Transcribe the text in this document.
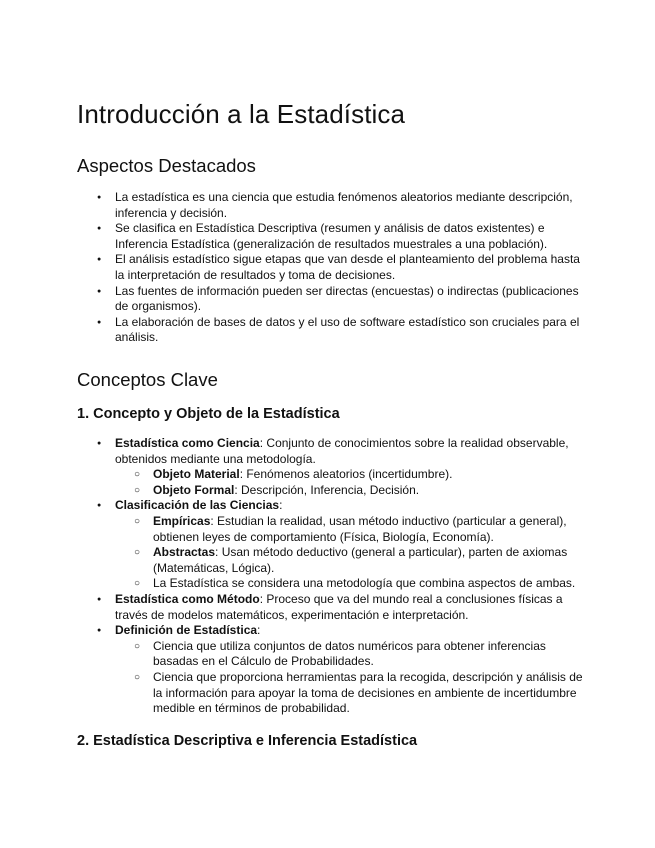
Introducción a la Estadística
Aspectos Destacados
● La estadística es una ciencia que estudia fenómenos aleatorios mediante descripción, inferencia y decisión.
● Se clasifica en Estadística Descriptiva (resumen y análisis de datos existentes) e Inferencia Estadística (generalización de resultados muestrales a una población).
● El análisis estadístico sigue etapas que van desde el planteamiento del problema hasta la interpretación de resultados y toma de decisiones.
● Las fuentes de información pueden ser directas (encuestas) o indirectas (publicaciones de organismos).
● La elaboración de bases de datos y el uso de software estadístico son cruciales para el análisis.
Conceptos Clave
1. Concepto y Objeto de la Estadística
● Estadística como Ciencia: Conjunto de conocimientos sobre la realidad observable, obtenidos mediante una metodología.
○ Objeto Material: Fenómenos aleatorios (incertidumbre).
○ Objeto Formal: Descripción, Inferencia, Decisión.
● Clasificación de las Ciencias:
○ Empíricas: Estudian la realidad, usan método inductivo (particular a general), obtienen leyes de comportamiento (Física, Biología, Economía).
○ Abstractas: Usan método deductivo (general a particular), parten de axiomas (Matemáticas, Lógica).
○ La Estadística se considera una metodología que combina aspectos de ambas.
● Estadística como Método: Proceso que va del mundo real a conclusiones físicas a través de modelos matemáticos, experimentación e interpretación.
● Definición de Estadística:
○ Ciencia que utiliza conjuntos de datos numéricos para obtener inferencias basadas en el Cálculo de Probabilidades.
○ Ciencia que proporciona herramientas para la recogida, descripción y análisis de la información para apoyar la toma de decisiones en ambiente de incertidumbre medible en términos de probabilidad.
2. Estadística Descriptiva e Inferencia Estadística
